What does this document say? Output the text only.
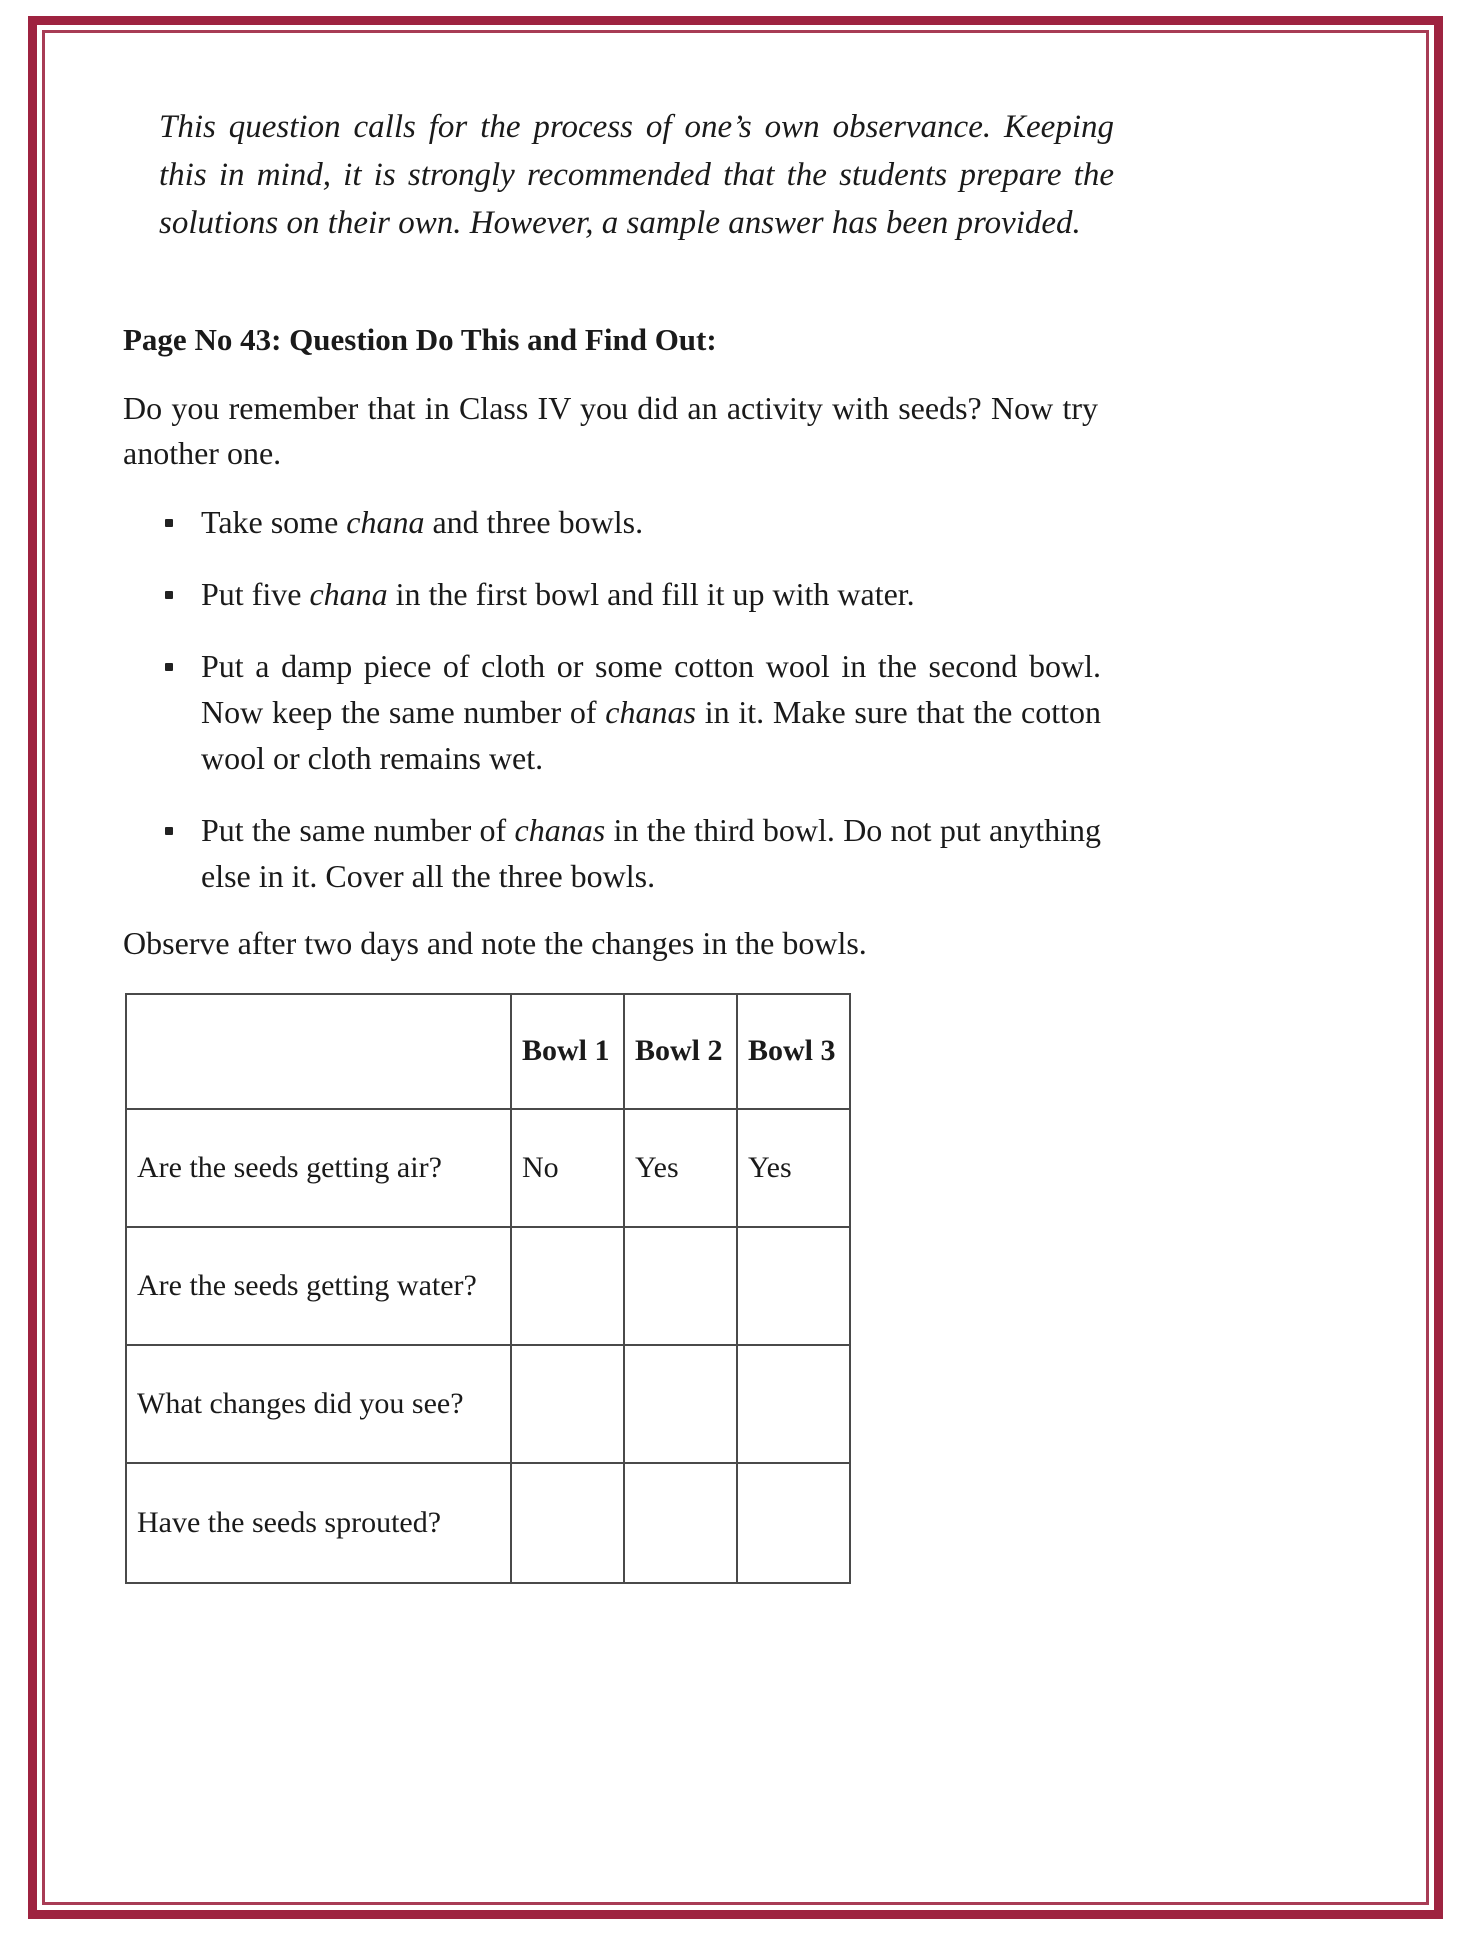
This question calls for the process of one’s own observance. Keeping this in mind, it is strongly recommended that the students prepare the solutions on their own. However, a sample answer has been provided.

Page No 43: Question Do This and Find Out:

Do you remember that in Class IV you did an activity with seeds? Now try another one.

Take some chana and three bowls.
Put five chana in the first bowl and fill it up with water.
Put a damp piece of cloth or some cotton wool in the second bowl. Now keep the same number of chanas in it. Make sure that the cotton wool or cloth remains wet.
Put the same number of chanas in the third bowl. Do not put anything else in it. Cover all the three bowls.

Observe after two days and note the changes in the bowls.

	Bowl 1	Bowl 2	Bowl 3
Are the seeds getting air?	No	Yes	Yes
Are the seeds getting water?			
What changes did you see?			
Have the seeds sprouted?			
